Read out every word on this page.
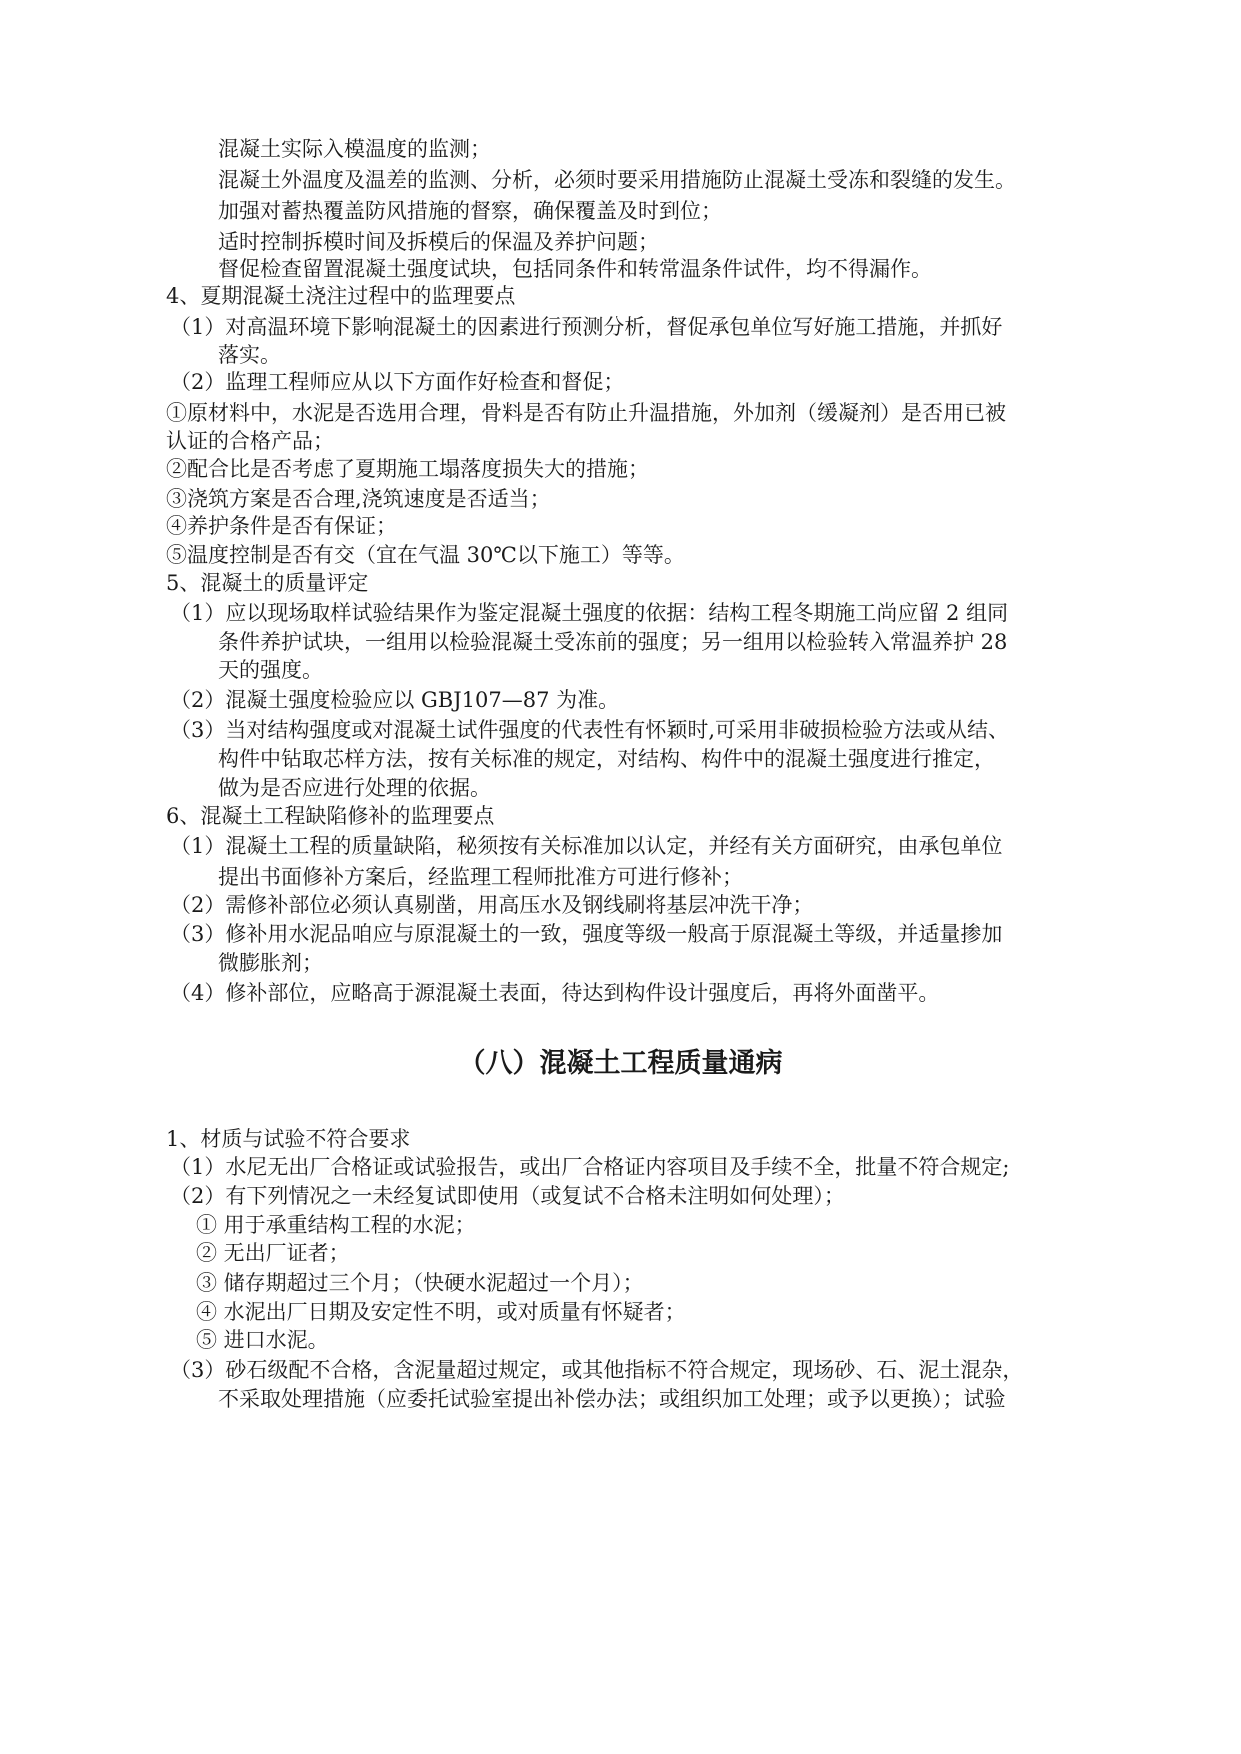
混凝土实际入模温度的监测；
混凝土外温度及温差的监测、分析，必须时要采用措施防止混凝土受冻和裂缝的发生。
加强对蓄热覆盖防风措施的督察，确保覆盖及时到位；
适时控制拆模时间及拆模后的保温及养护问题；
督促检查留置混凝土强度试块，包括同条件和转常温条件试件，均不得漏作。
4、夏期混凝土浇注过程中的监理要点
（1）对高温环境下影响混凝土的因素进行预测分析，督促承包单位写好施工措施，并抓好
落实。
（2）监理工程师应从以下方面作好检查和督促；
①原材料中，水泥是否选用合理，骨料是否有防止升温措施，外加剂（缓凝剂）是否用已被
认证的合格产品；
②配合比是否考虑了夏期施工塌落度损失大的措施；
③浇筑方案是否合理,浇筑速度是否适当；
④养护条件是否有保证；
⑤温度控制是否有交（宜在气温 30℃以下施工）等等。
5、混凝土的质量评定
（1）应以现场取样试验结果作为鉴定混凝土强度的依据：结构工程冬期施工尚应留 2 组同
条件养护试块，一组用以检验混凝土受冻前的强度；另一组用以检验转入常温养护 28
天的强度。
（2）混凝土强度检验应以 GBJ107—87 为准。
（3）当对结构强度或对混凝土试件强度的代表性有怀颖时,可采用非破损检验方法或从结、
构件中钻取芯样方法，按有关标准的规定，对结构、构件中的混凝土强度进行推定，
做为是否应进行处理的依据。
6、混凝土工程缺陷修补的监理要点
（1）混凝土工程的质量缺陷，秘须按有关标准加以认定，并经有关方面研究，由承包单位
提出书面修补方案后，经监理工程师批准方可进行修补；
（2）需修补部位必须认真剔凿，用高压水及钢线刷将基层冲洗干净；
（3）修补用水泥品咱应与原混凝土的一致，强度等级一般高于原混凝土等级，并适量掺加
微膨胀剂；
（4）修补部位，应略高于源混凝土表面，待达到构件设计强度后，再将外面凿平。
（八）混凝土工程质量通病
1、材质与试验不符合要求
（1）水尼无出厂合格证或试验报告，或出厂合格证内容项目及手续不全，批量不符合规定;
（2）有下列情况之一未经复试即使用（或复试不合格未注明如何处理）；
① 用于承重结构工程的水泥；
② 无出厂证者；
③ 储存期超过三个月；（快硬水泥超过一个月）；
④ 水泥出厂日期及安定性不明，或对质量有怀疑者；
⑤ 进口水泥。
（3）砂石级配不合格，含泥量超过规定，或其他指标不符合规定，现场砂、石、泥土混杂，
不采取处理措施（应委托试验室提出补偿办法；或组织加工处理；或予以更换）；试验
